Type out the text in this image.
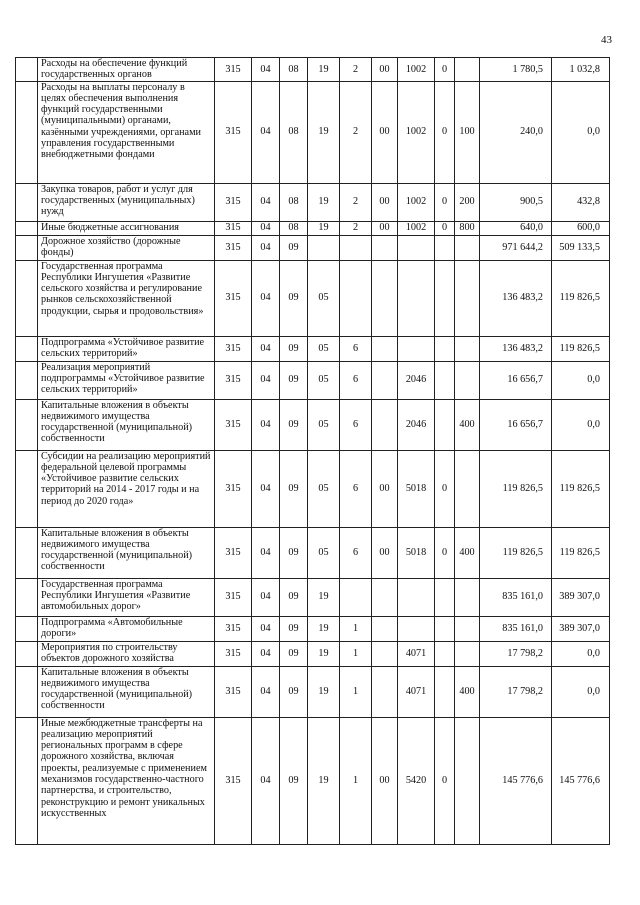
43
	Расходы на обеспечение функций государственных органов	315	04	08	19	2	00	1002	0		1 780,5	1 032,8
	Расходы на выплаты персоналу в целях обеспечения выполнения функций государственными (муниципальными) органами, казёнными учреждениями, органами управления государственными внебюджетными фондами	315	04	08	19	2	00	1002	0	100	240,0	0,0
	Закупка товаров, работ и услуг для государственных (муниципальных) нужд	315	04	08	19	2	00	1002	0	200	900,5	432,8
	Иные бюджетные ассигнования	315	04	08	19	2	00	1002	0	800	640,0	600,0
	Дорожное хозяйство (дорожные фонды)	315	04	09							971 644,2	509 133,5
	Государственная программа Республики Ингушетия «Развитие сельского хозяйства и регулирование рынков сельскохозяйственной продукции, сырья и продовольствия»	315	04	09	05						136 483,2	119 826,5
	Подпрограмма «Устойчивое развитие сельских территорий»	315	04	09	05	6					136 483,2	119 826,5
	Реализация мероприятий подпрограммы «Устойчивое развитие сельских территорий»	315	04	09	05	6		2046			16 656,7	0,0
	Капитальные вложения в объекты недвижимого имущества государственной (муниципальной) собственности	315	04	09	05	6		2046		400	16 656,7	0,0
	Субсидии на реализацию мероприятий федеральной целевой программы «Устойчивое развитие сельских территорий на 2014 - 2017 годы и на период до 2020 года»	315	04	09	05	6	00	5018	0		119 826,5	119 826,5
	Капитальные вложения в объекты недвижимого имущества государственной (муниципальной) собственности	315	04	09	05	6	00	5018	0	400	119 826,5	119 826,5
	Государственная программа Республики Ингушетия «Развитие автомобильных дорог»	315	04	09	19						835 161,0	389 307,0
	Подпрограмма «Автомобильные дороги»	315	04	09	19	1					835 161,0	389 307,0
	Мероприятия по строительству объектов дорожного хозяйства	315	04	09	19	1		4071			17 798,2	0,0
	Капитальные вложения в объекты недвижимого имущества государственной (муниципальной) собственности	315	04	09	19	1		4071		400	17 798,2	0,0
	Иные межбюджетные трансферты на реализацию мероприятий региональных программ в сфере дорожного хозяйства, включая проекты, реализуемые с применением механизмов государственно-частного партнерства, и строительство, реконструкцию и ремонт уникальных искусственных	315	04	09	19	1	00	5420	0		145 776,6	145 776,6
